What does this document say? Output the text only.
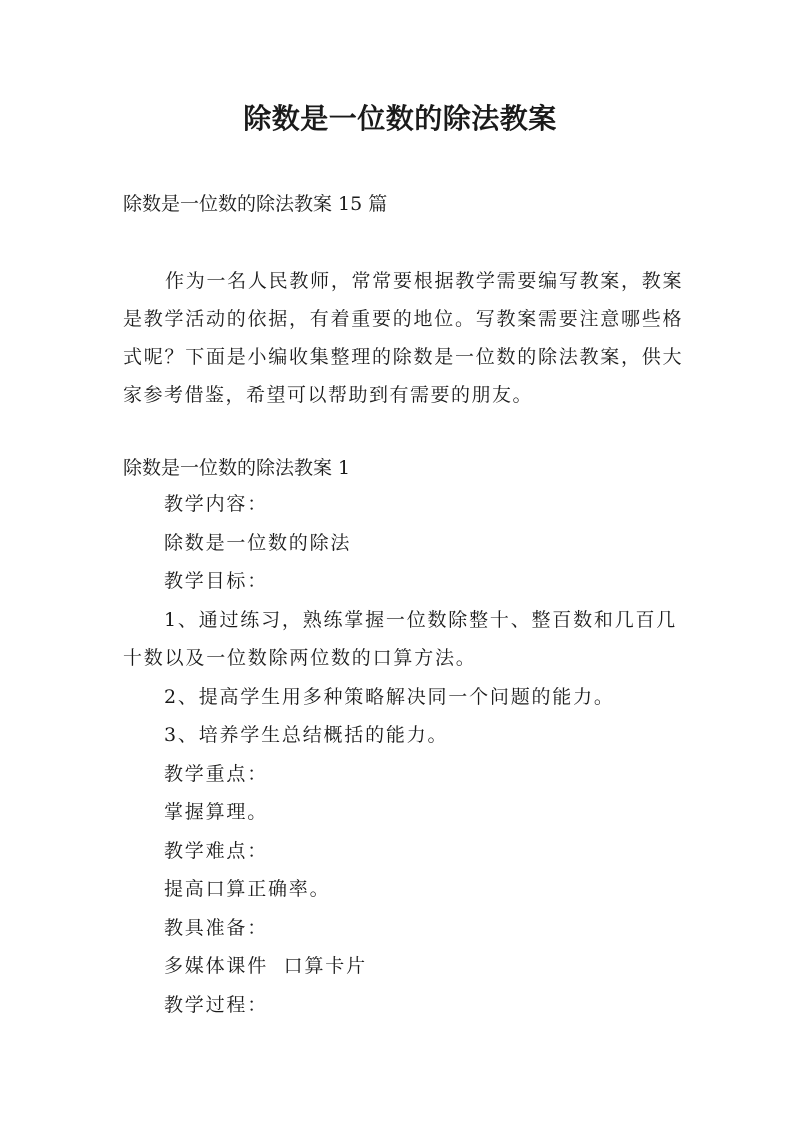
除数是一位数的除法教案
除数是一位数的除法教案 15 篇

作为一名人民教师，常常要根据教学需要编写教案，教案是教学活动的依据，有着重要的地位。写教案需要注意哪些格式呢？下面是小编收集整理的除数是一位数的除法教案，供大家参考借鉴，希望可以帮助到有需要的朋友。

除数是一位数的除法教案 1
教学内容：
除数是一位数的除法
教学目标：
1、通过练习，熟练掌握一位数除整十、整百数和几百几十数以及一位数除两位数的口算方法。
2、提高学生用多种策略解决同一个问题的能力。
3、培养学生总结概括的能力。
教学重点：
掌握算理。
教学难点：
提高口算正确率。
教具准备：
多媒体课件  口算卡片
教学过程：
